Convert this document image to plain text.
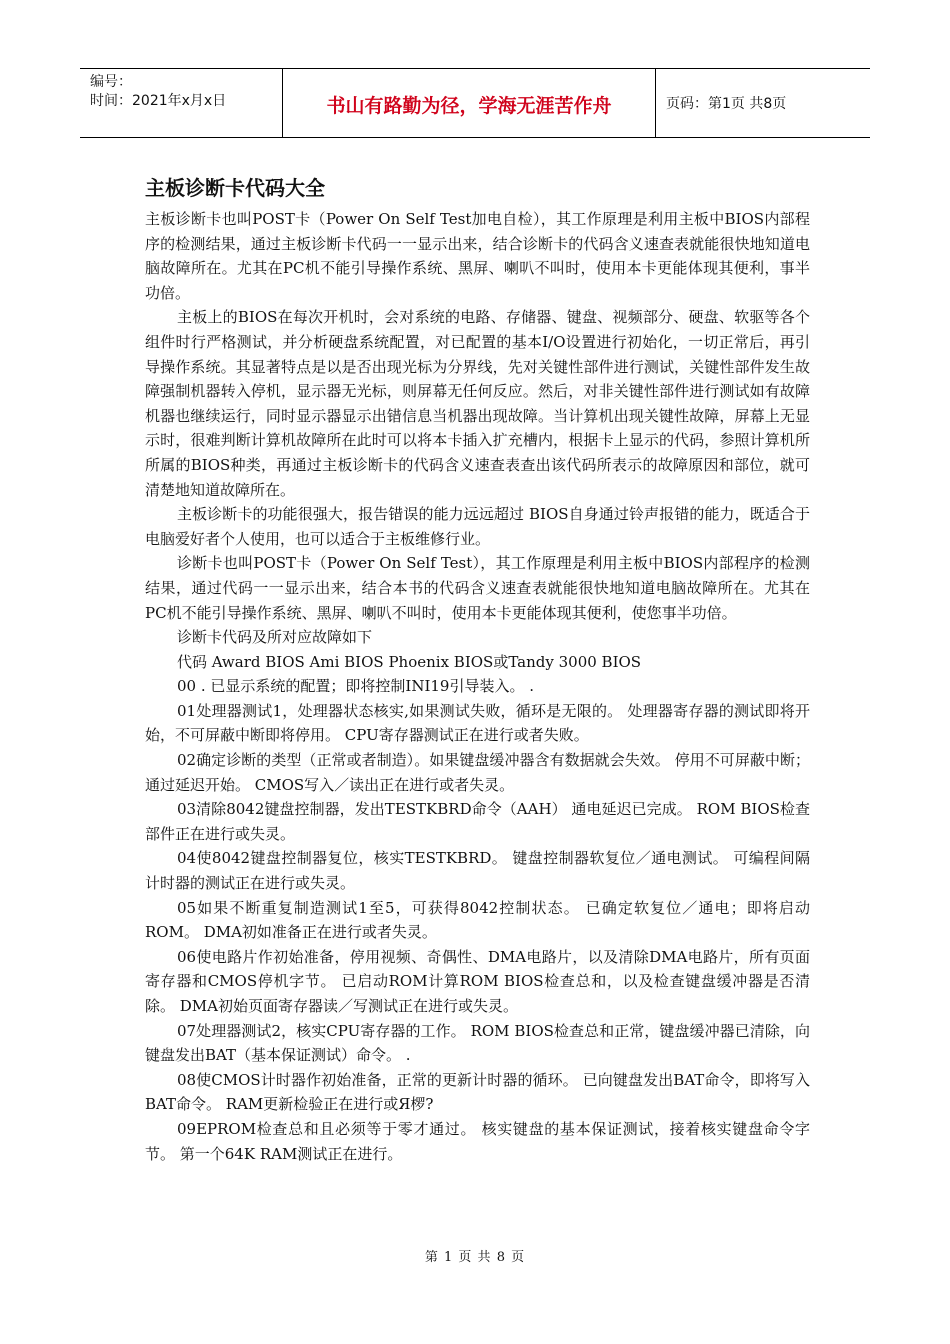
编号：
时间：2021年x月x日	书山有路勤为径，学海无涯苦作舟	页码：第1页 共8页
主板诊断卡代码大全

主板诊断卡也叫POST卡（Power On Self Test加电自检），其工作原理是利用主板中BIOS内部程序的检测结果，通过主板诊断卡代码一一显示出来，结合诊断卡的代码含义速查表就能很快地知道电脑故障所在。尤其在PC机不能引导操作系统、黑屏、喇叭不叫时，使用本卡更能体现其便利，事半功倍。

主板上的BIOS在每次开机时，会对系统的电路、存储器、键盘、视频部分、硬盘、软驱等各个组件时行严格测试，并分析硬盘系统配置，对已配置的基本I/O设置进行初始化，一切正常后，再引导操作系统。其显著特点是以是否出现光标为分界线，先对关键性部件进行测试，关键性部件发生故障强制机器转入停机，显示器无光标，则屏幕无任何反应。然后，对非关键性部件进行测试如有故障机器也继续运行，同时显示器显示出错信息当机器出现故障。当计算机出现关键性故障，屏幕上无显示时，很难判断计算机故障所在此时可以将本卡插入扩充槽内，根据卡上显示的代码，参照计算机所所属的BIOS种类，再通过主板诊断卡的代码含义速查表查出该代码所表示的故障原因和部位，就可清楚地知道故障所在。

主板诊断卡的功能很强大，报告错误的能力远远超过 BIOS自身通过铃声报错的能力，既适合于电脑爱好者个人使用，也可以适合于主板维修行业。

诊断卡也叫POST卡（Power On Self Test），其工作原理是利用主板中BIOS内部程序的检测结果，通过代码一一显示出来，结合本书的代码含义速查表就能很快地知道电脑故障所在。尤其在PC机不能引导操作系统、黑屏、喇叭不叫时，使用本卡更能体现其便利，使您事半功倍。

诊断卡代码及所对应故障如下

代码 Award BIOS Ami BIOS Phoenix BIOS或Tandy 3000 BIOS

00 . 已显示系统的配置；即将控制INI19引导装入。 .

01处理器测试1，处理器状态核实,如果测试失败，循环是无限的。 处理器寄存器的测试即将开始，不可屏蔽中断即将停用。 CPU寄存器测试正在进行或者失败。

02确定诊断的类型（正常或者制造）。如果键盘缓冲器含有数据就会失效。 停用不可屏蔽中断；通过延迟开始。 CMOS写入／读出正在进行或者失灵。

03清除8042键盘控制器，发出TESTKBRD命令（AAH） 通电延迟已完成。 ROM BIOS检查部件正在进行或失灵。

04使8042键盘控制器复位，核实TESTKBRD。 键盘控制器软复位／通电测试。 可编程间隔计时器的测试正在进行或失灵。

05如果不断重复制造测试1至5，可获得8042控制状态。 已确定软复位／通电；即将启动ROM。 DMA初如准备正在进行或者失灵。

06使电路片作初始准备，停用视频、奇偶性、DMA电路片，以及清除DMA电路片，所有页面寄存器和CMOS停机字节。 已启动ROM计算ROM BIOS检查总和，以及检查键盘缓冲器是否清除。 DMA初始页面寄存器读／写测试正在进行或失灵。

07处理器测试2，核实CPU寄存器的工作。 ROM BIOS检查总和正常，键盘缓冲器已清除，向键盘发出BAT（基本保证测试）命令。 .

08使CMOS计时器作初始准备，正常的更新计时器的循环。 已向键盘发出BAT命令，即将写入BAT命令。 RAM更新检验正在进行或Я椤?

09EPROM检查总和且必须等于零才通过。 核实键盘的基本保证测试，接着核实键盘命令字节。 第一个64K RAM测试正在进行。

第 1 页 共 8 页
